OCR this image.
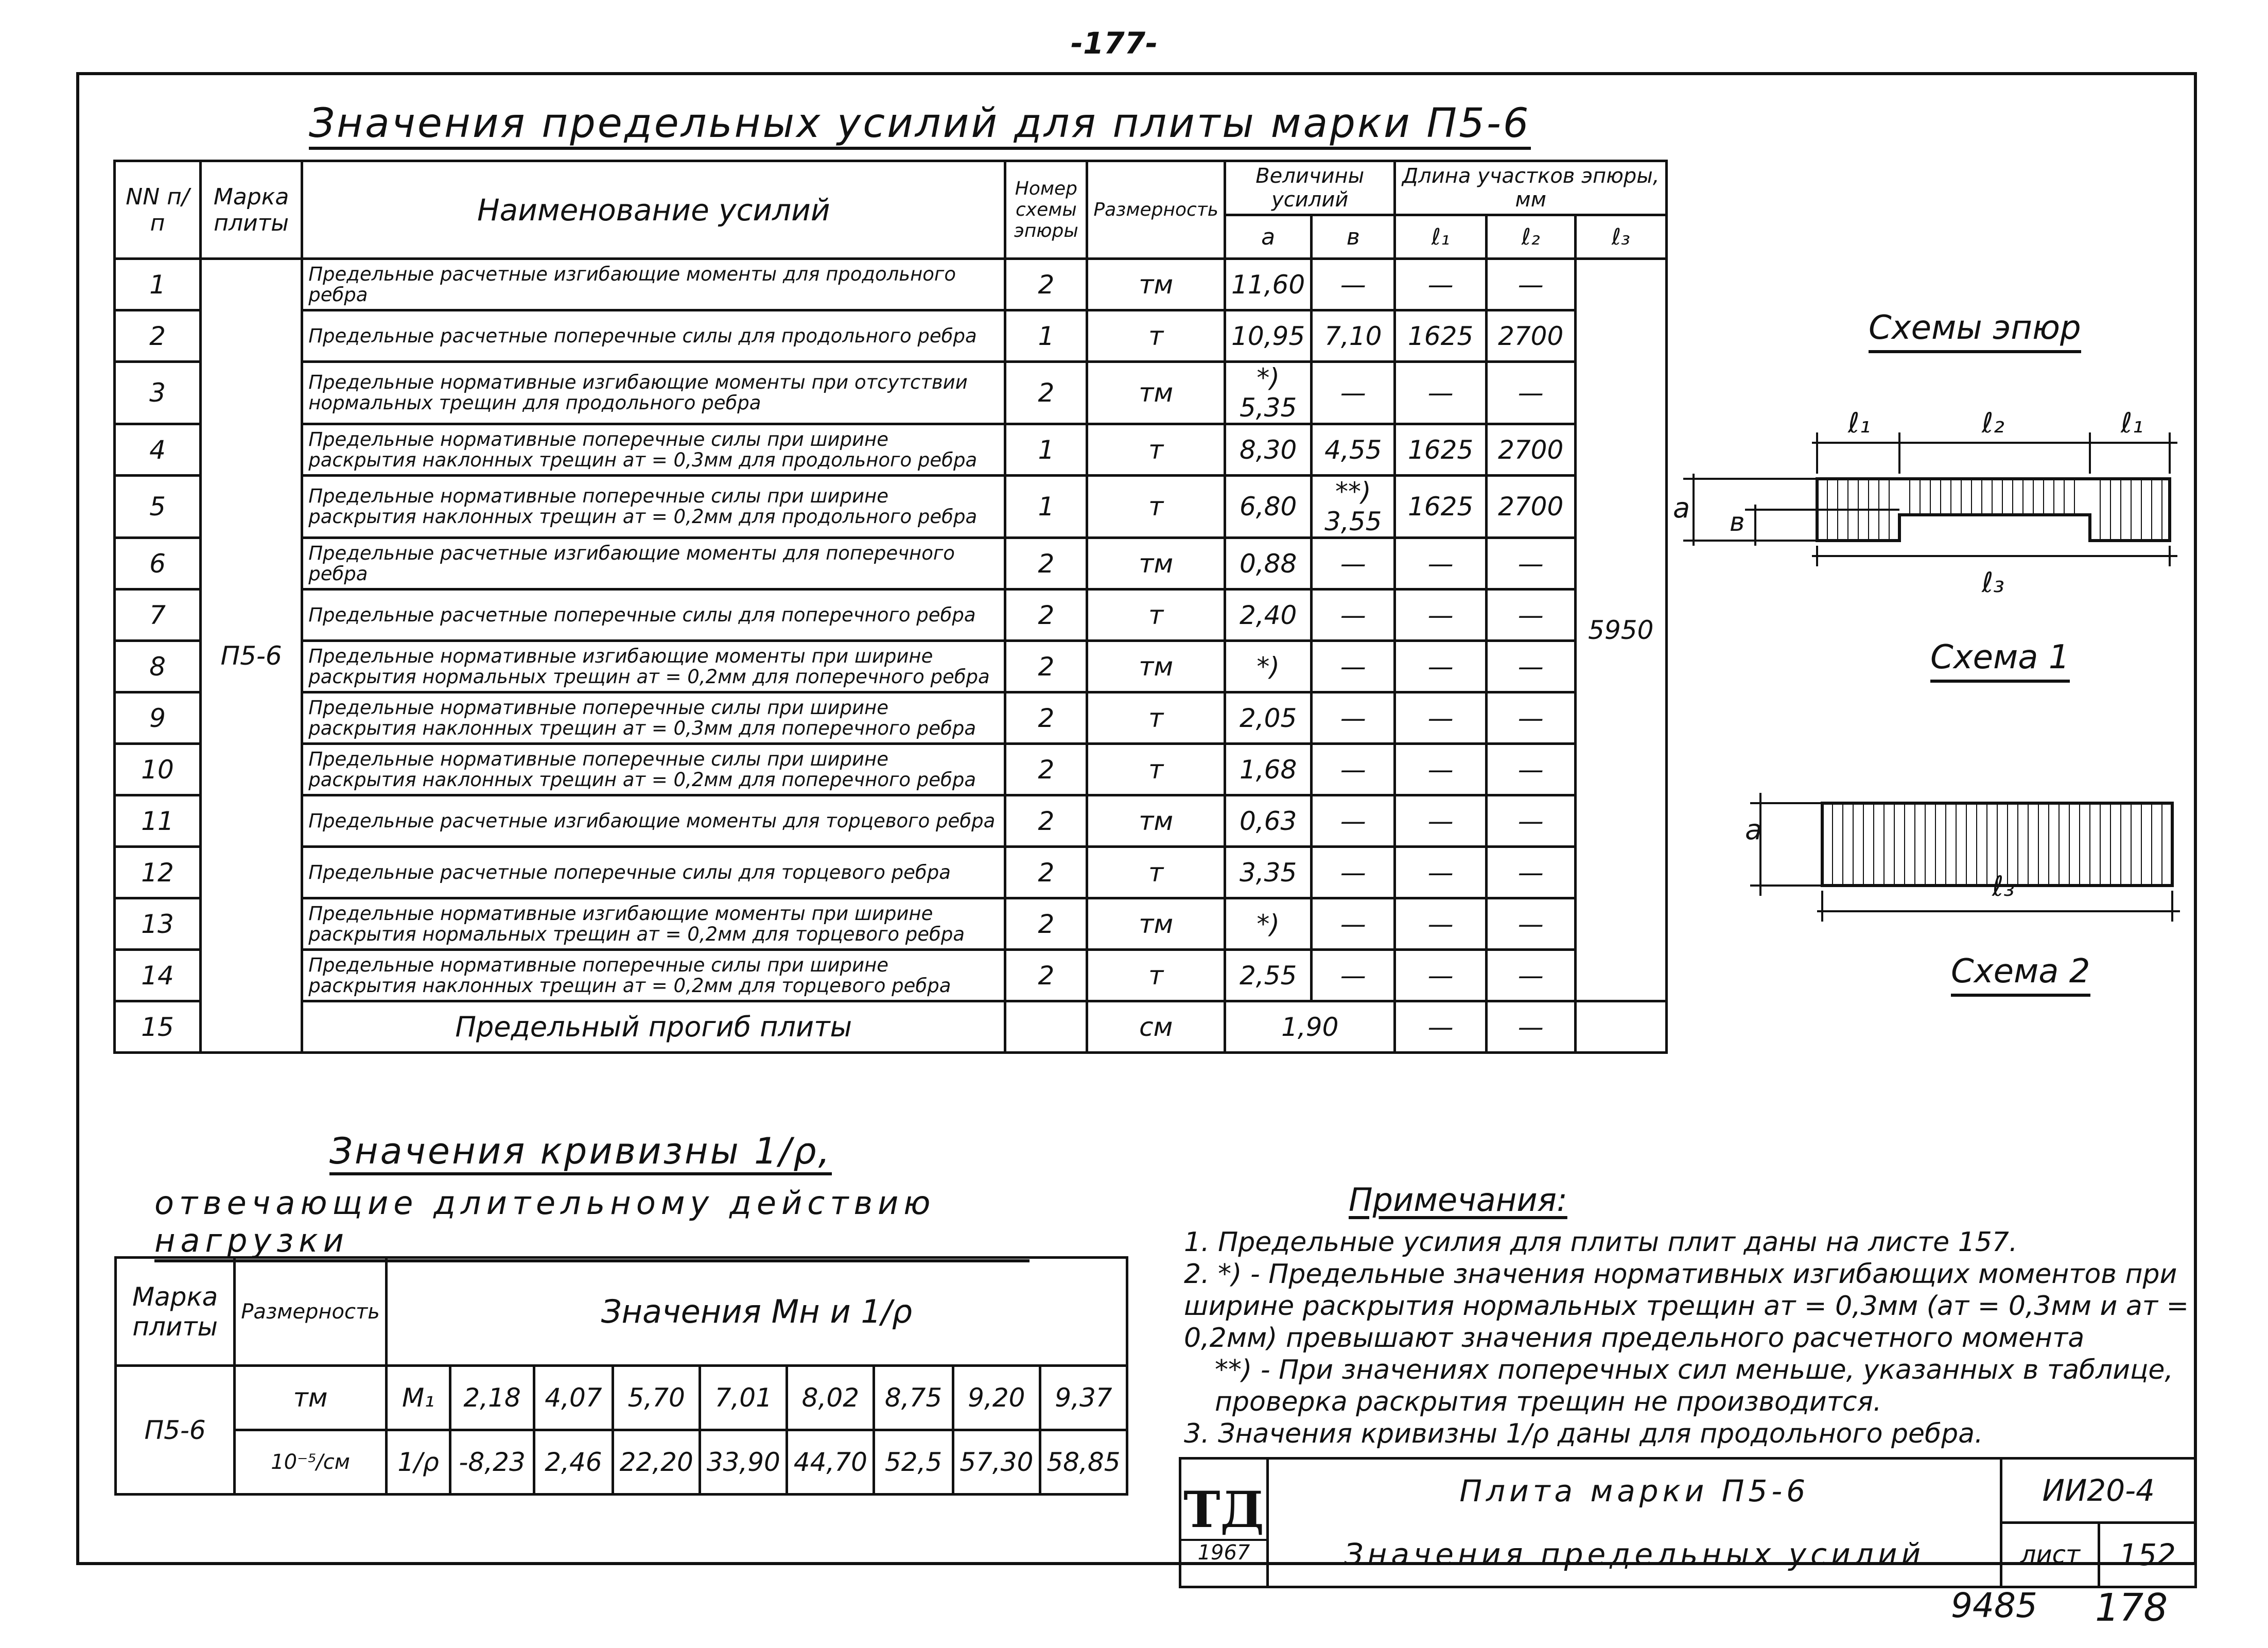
-177-
Значения предельных усилий для плиты марки П5-6
NN п/п	Марка плиты	Наименование усилий	Номер схемы эпюры	Размерность	Величины усилий		Длина участков эпюры, мм		
					а	в	ℓ₁	ℓ₂	ℓ₃
1	П5-6	Предельные расчетные изгибающие моменты для продольного ребра	2	тм	11,60	—	—	—	5950
2		Предельные расчетные поперечные силы для продольного ребра	1	т	10,95	7,10	1625	2700	
3		Предельные нормативные изгибающие моменты при отсутствии нормальных трещин для продольного ребра	2	тм	*) 5,35	—	—	—	
4		Предельные нормативные поперечные силы при ширине раскрытия наклонных трещин aт = 0,3мм для продольного ребра	1	т	8,30	4,55	1625	2700	
5		Предельные нормативные поперечные силы при ширине раскрытия наклонных трещин aт = 0,2мм для продольного ребра	1	т	6,80	**) 3,55	1625	2700	
6		Предельные расчетные изгибающие моменты для поперечного ребра	2	тм	0,88	—	—	—	
7		Предельные расчетные поперечные силы для поперечного ребра	2	т	2,40	—	—	—	
8		Предельные нормативные изгибающие моменты при ширине раскрытия нормальных трещин aт = 0,2мм для поперечного ребра	2	тм	*)	—	—	—	
9		Предельные нормативные поперечные силы при ширине раскрытия наклонных трещин aт = 0,3мм для поперечного ребра	2	т	2,05	—	—	—	
10		Предельные нормативные поперечные силы при ширине раскрытия наклонных трещин aт = 0,2мм для поперечного ребра	2	т	1,68	—	—	—	
11		Предельные расчетные изгибающие моменты для торцевого ребра	2	тм	0,63	—	—	—	
12		Предельные расчетные поперечные силы для торцевого ребра	2	т	3,35	—	—	—	
13		Предельные нормативные изгибающие моменты при ширине раскрытия нормальных трещин aт = 0,2мм для торцевого ребра	2	тм	*)	—	—	—	
14		Предельные нормативные поперечные силы при ширине раскрытия наклонных трещин aт = 0,2мм для торцевого ребра	2	т	2,55	—	—	—	
15		Предельный прогиб плиты		см	1,90		—	—	
Схемы эпюр
ℓ₁	ℓ₂	ℓ₁
а в
ℓ₃
Схема 1
а
ℓ₃
Схема 2
Значения кривизны 1/ρ,
отвечающие длительному действию нагрузки
Марка плиты	Размерность	Значения Мн и 1/ρ								
П5-6	тм	М₁	2,18	4,07	5,70	7,01	8,02	8,75	9,20	9,37
	10⁻⁵/см	1/ρ	-8,23	2,46	22,20	33,90	44,70	52,5	57,30	58,85
Примечания:
1. Предельные усилия для плиты плит даны на листе 157.
2. *) - Предельные значения нормативных изгибающих моментов при ширине раскрытия нормальных трещин aт = 0,3мм (aт = 0,3мм и aт = 0,2мм) превышают значения предельного расчетного момента
**) - При значениях поперечных сил меньше, указанных в таблице, проверка раскрытия трещин не производится.
3. Значения кривизны 1/ρ даны для продольного ребра.
ТД
1967	Плита марки П5-6	ИИ20-4	
	Значения предельных усилий	лист	152
9485 178
